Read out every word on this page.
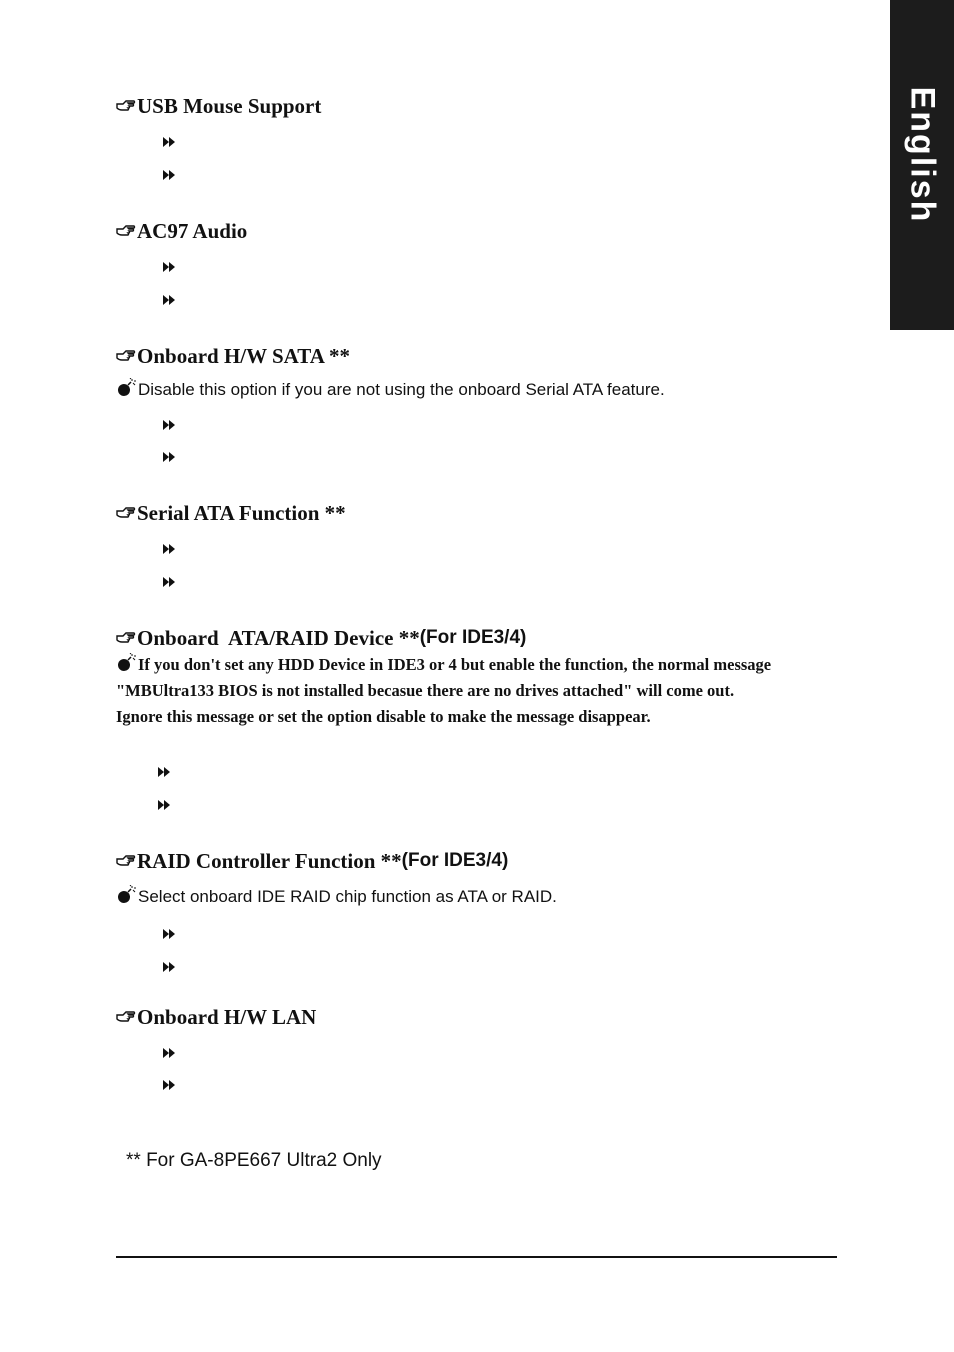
English
USB Mouse Support
AC97 Audio
Onboard H/W SATA **
Disable this option if you are not using the onboard Serial ATA feature.
Serial ATA Function **
Onboard  ATA/RAID Device ** (For IDE3/4)
If you don't set any HDD Device in IDE3 or 4 but enable the function, the normal message "MBUltra133 BIOS is not installed becasue there are no drives attached" will come out.
Ignore this message or set the option disable to make the message disappear.
RAID Controller Function ** (For IDE3/4)
Select onboard IDE RAID chip function as ATA or RAID.
Onboard H/W LAN
** For GA-8PE667 Ultra2 Only
